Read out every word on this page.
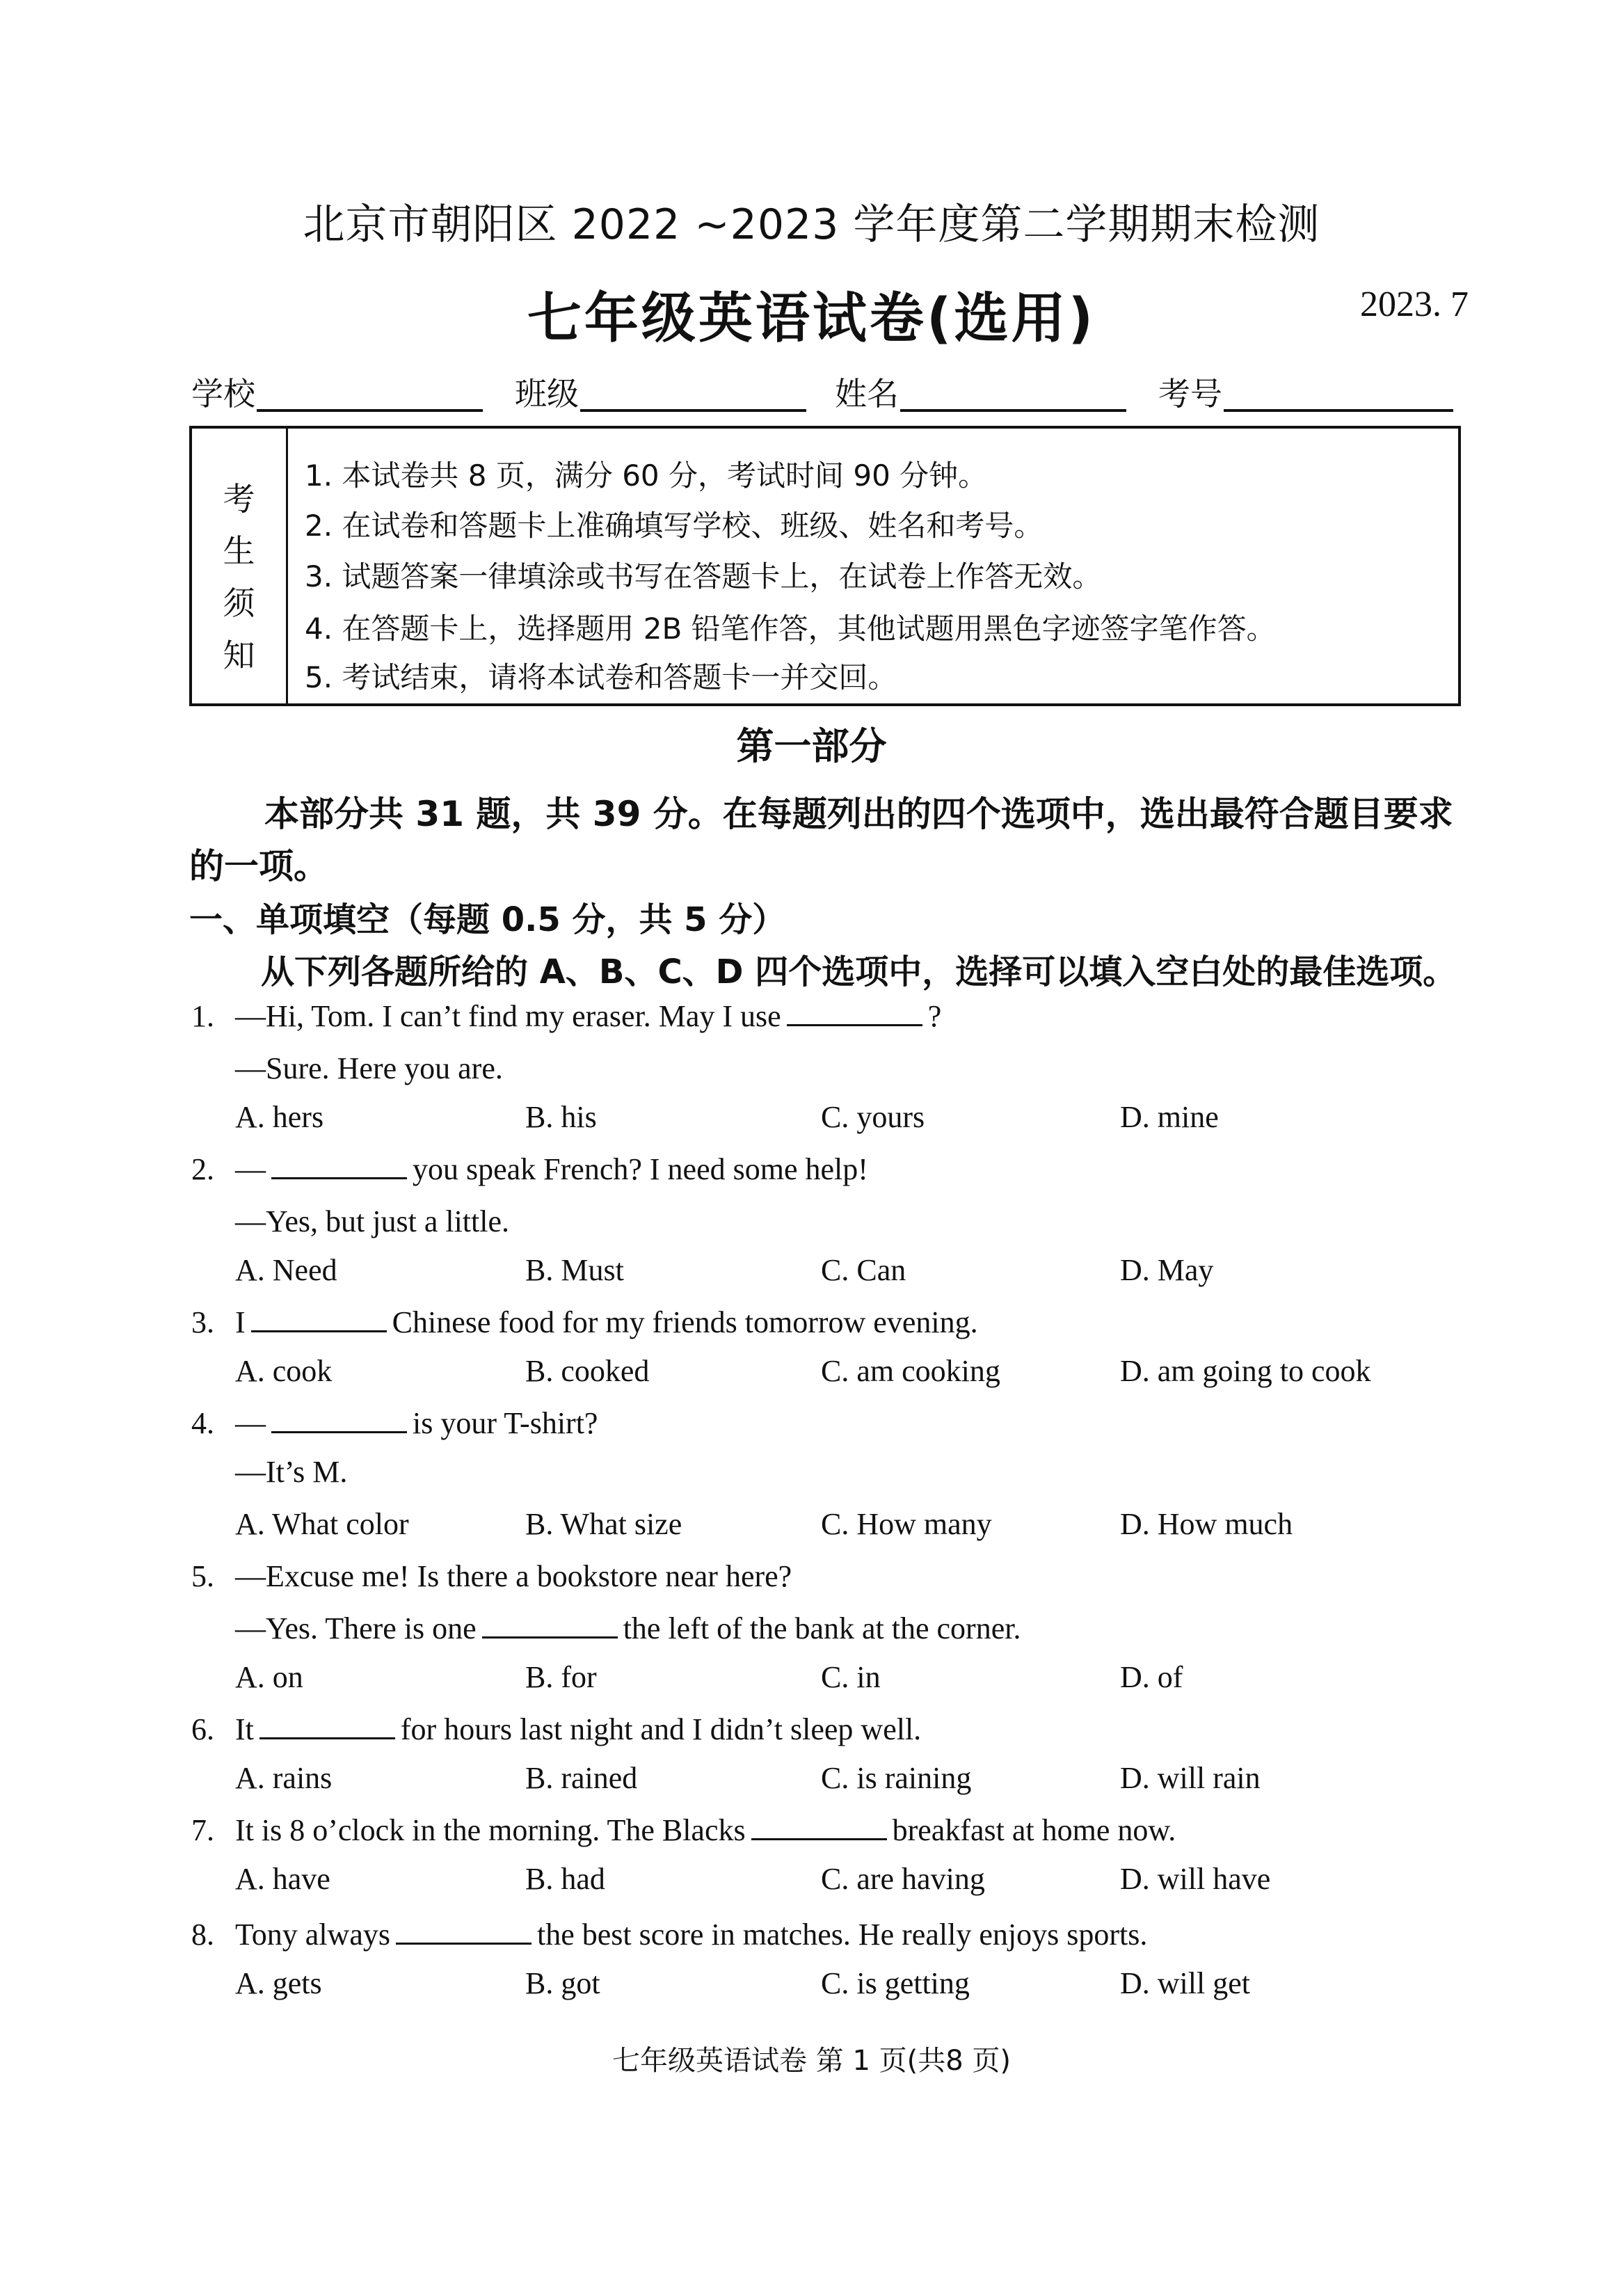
北京市朝阳区 2022 ~2023 学年度第二学期期末检测
七年级英语试卷(选用)	2023. 7
学校	班级	姓名	考号
考
生
须
知
1. 本试卷共 8 页，满分 60 分，考试时间 90 分钟。
2. 在试卷和答题卡上准确填写学校、班级、姓名和考号。
3. 试题答案一律填涂或书写在答题卡上，在试卷上作答无效。
4. 在答题卡上，选择题用 2B 铅笔作答，其他试题用黑色字迹签字笔作答。
5. 考试结束，请将本试卷和答题卡一并交回。
第一部分
本部分共 31 题，共 39 分。在每题列出的四个选项中，选出最符合题目要求
的一项。
一、单项填空（每题 0.5 分，共 5 分）
从下列各题所给的 A、B、C、D 四个选项中，选择可以填入空白处的最佳选项。
1. —Hi, Tom. I can’t find my eraser. May I use	?
—Sure. Here you are.
A. hers	B. his	C. yours	D. mine
2. —	you speak French? I need some help!
—Yes, but just a little.
A. Need	B. Must	C. Can	D. May
3. I	Chinese food for my friends tomorrow evening.
A. cook	B. cooked	C. am cooking	D. am going to cook
4. —	is your T-shirt?
—It’s M.
A. What color	B. What size	C. How many	D. How much
5. —Excuse me! Is there a bookstore near here?
—Yes. There is one	the left of the bank at the corner.
A. on	B. for	C. in	D. of
6. It	for hours last night and I didn’t sleep well.
A. rains	B. rained	C. is raining	D. will rain
7. It is 8 o’clock in the morning. The Blacks	breakfast at home now.
A. have	B. had	C. are having	D. will have
8. Tony always	the best score in matches. He really enjoys sports.
A. gets	B. got	C. is getting	D. will get
七年级英语试卷 第 1 页(共8 页)
